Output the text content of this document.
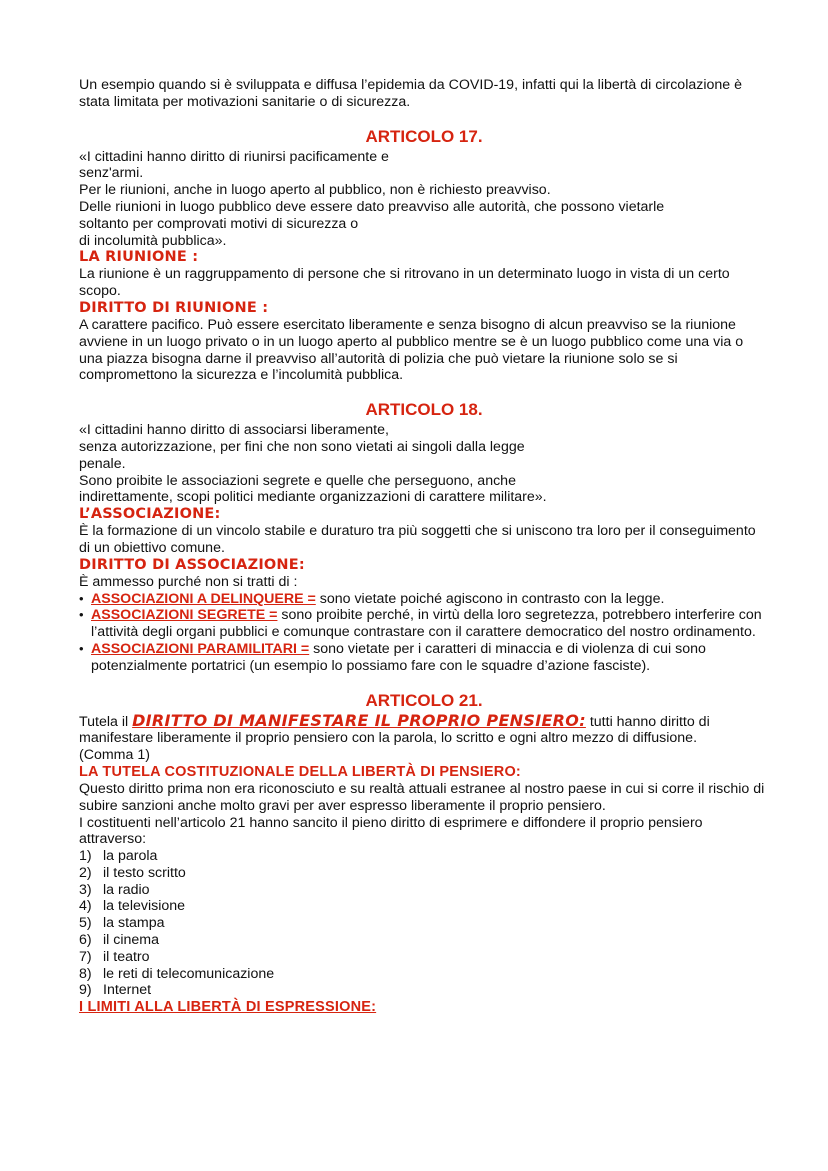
Un esempio quando si è sviluppata e diffusa l’epidemia da COVID-19, infatti qui la libertà di circolazione è stata limitata per motivazioni sanitarie o di sicurezza.

ARTICOLO 17.

«I cittadini hanno diritto di riunirsi pacificamente e

senz'armi.

Per le riunioni, anche in luogo aperto al pubblico, non è richiesto preavviso.

Delle riunioni in luogo pubblico deve essere dato preavviso alle autorità, che possono vietarle

soltanto per comprovati motivi di sicurezza o

di incolumità pubblica».

LA RIUNIONE :

La riunione è un raggruppamento di persone che si ritrovano in un determinato luogo in vista di un certo scopo.

DIRITTO DI RIUNIONE :

A carattere pacifico. Può essere esercitato liberamente e senza bisogno di alcun preavviso se la riunione avviene in un luogo privato o in un luogo aperto al pubblico mentre se è un luogo pubblico come una via o una piazza bisogna darne il preavviso all’autorità di polizia che può vietare la riunione solo se si compromettono la sicurezza e l’incolumità pubblica.

ARTICOLO 18.

«I cittadini hanno diritto di associarsi liberamente,

senza autorizzazione, per fini che non sono vietati ai singoli dalla legge

penale.

Sono proibite le associazioni segrete e quelle che perseguono, anche

indirettamente, scopi politici mediante organizzazioni di carattere militare».

L’ASSOCIAZIONE:

È la formazione di un vincolo stabile e duraturo tra più soggetti che si uniscono tra loro per il conseguimento di un obiettivo comune.

DIRITTO DI ASSOCIAZIONE:

È ammesso purché non si tratti di :

• ASSOCIAZIONI A DELINQUERE = sono vietate poiché agiscono in contrasto con la legge.
• ASSOCIAZIONI SEGRETE = sono proibite perché, in virtù della loro segretezza, potrebbero interferire con l’attività degli organi pubblici e comunque contrastare con il carattere democratico del nostro ordinamento.
• ASSOCIAZIONI PARAMILITARI = sono vietate per i caratteri di minaccia e di violenza di cui sono potenzialmente portatrici (un esempio lo possiamo fare con le squadre d’azione fasciste).
ARTICOLO 21.

Tutela il DIRITTO DI MANIFESTARE IL PROPRIO PENSIERO: tutti hanno diritto di manifestare liberamente il proprio pensiero con la parola, lo scritto e ogni altro mezzo di diffusione.

(Comma 1)

LA TUTELA COSTITUZIONALE DELLA LIBERTÀ DI PENSIERO:

Questo diritto prima non era riconosciuto e su realtà attuali estranee al nostro paese in cui si corre il rischio di subire sanzioni anche molto gravi per aver espresso liberamente il proprio pensiero.

I costituenti nell’articolo 21 hanno sancito il pieno diritto di esprimere e diffondere il proprio pensiero attraverso:

1) la parola
2) il testo scritto
3) la radio
4) la televisione
5) la stampa
6) il cinema
7) il teatro
8) le reti di telecomunicazione
9) Internet
I LIMITI ALLA LIBERTÀ DI ESPRESSIONE:
